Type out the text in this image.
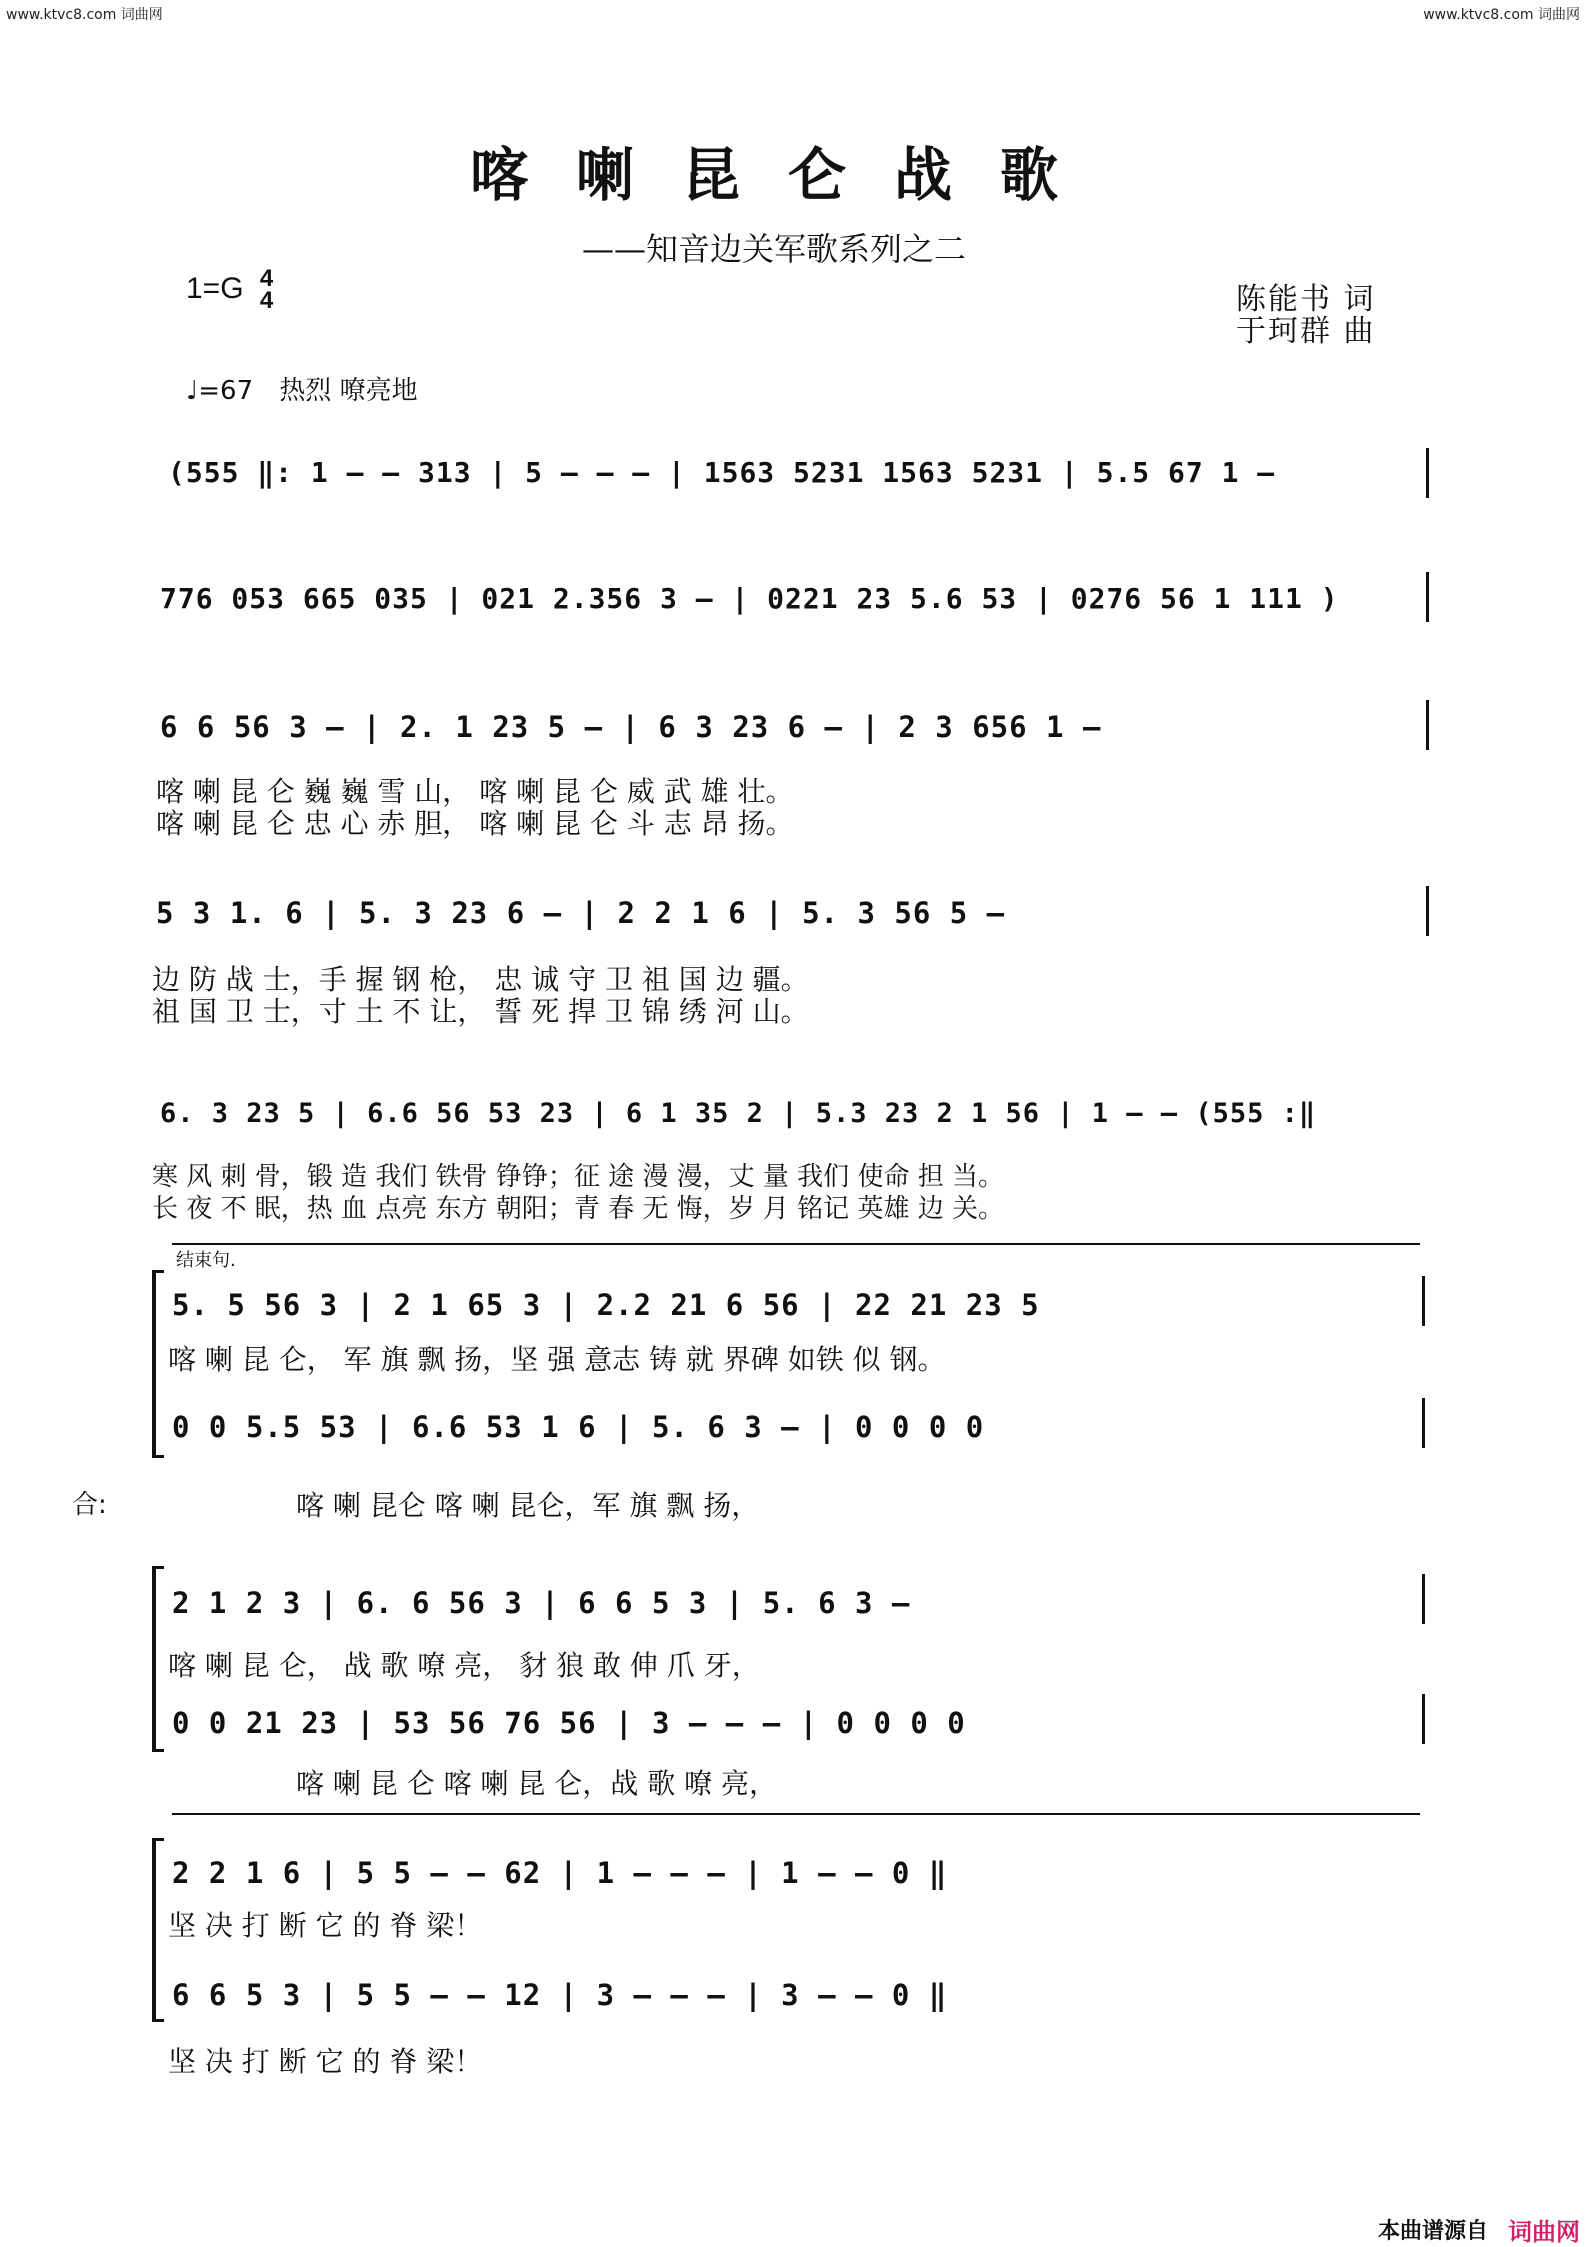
www.ktvc8.com 词曲网	www.ktvc8.com 词曲网
喀喇昆仑战歌
——知音边关军歌系列之二
1=G 4
4	陈能书 词
于珂群 曲
♩=67 热烈 嘹亮地
(555 ‖: 1 – – 313 | 5 – – – | 1563 5231 1563 5231 | 5.5 67 1 –
776 053 665 035 | 021 2.356 3 – | 0221 23 5.6 53 | 0276 56 1 111 )
6 6 56 3 – | 2. 1 23 5 – | 6 3 23 6 – | 2 3 656 1 –
喀 喇 昆 仑 巍 巍 雪 山， 喀 喇 昆 仑 威 武 雄 壮。
喀 喇 昆 仑 忠 心 赤 胆， 喀 喇 昆 仑 斗 志 昂 扬。
5 3 1. 6 | 5. 3 23 6 – | 2 2 1 6 | 5. 3 56 5 –
边 防 战 士，手 握 钢 枪， 忠 诚 守 卫 祖 国 边 疆。
祖 国 卫 士，寸 土 不 让， 誓 死 捍 卫 锦 绣 河 山。
6. 3 23 5 | 6.6 56 53 23 | 6 1 35 2 | 5.3 23 2 1 56 | 1 – – (555 :‖
寒 风 刺 骨，锻 造 我们 铁骨 铮铮；征 途 漫 漫，丈 量 我们 使命 担 当。
长 夜 不 眠，热 血 点亮 东方 朝阳；青 春 无 悔，岁 月 铭记 英雄 边 关。
结束句.
5. 5 56 3 | 2 1 65 3 | 2.2 21 6 56 | 22 21 23 5
喀 喇 昆 仑， 军 旗 飘 扬，坚 强 意志 铸 就 界碑 如铁 似 钢。
0 0 5.5 53 | 6.6 53 1 6 | 5. 6 3 – | 0 0 0 0
合:	喀 喇 昆仑 喀 喇 昆仑，军 旗 飘 扬，
2 1 2 3 | 6. 6 56 3 | 6 6 5 3 | 5. 6 3 –
喀 喇 昆 仑， 战 歌 嘹 亮， 豺 狼 敢 伸 爪 牙，
0 0 21 23 | 53 56 76 56 | 3 – – – | 0 0 0 0
喀 喇 昆 仑 喀 喇 昆 仑，战 歌 嘹 亮，
2 2 1 6 | 5 5 – – 62 | 1 – – – | 1 – – 0 ‖
坚 决 打 断 它 的 脊 梁！
6 6 5 3 | 5 5 – – 12 | 3 – – – | 3 – – 0 ‖
坚 决 打 断 它 的 脊 梁！
本曲谱源自 词曲网
